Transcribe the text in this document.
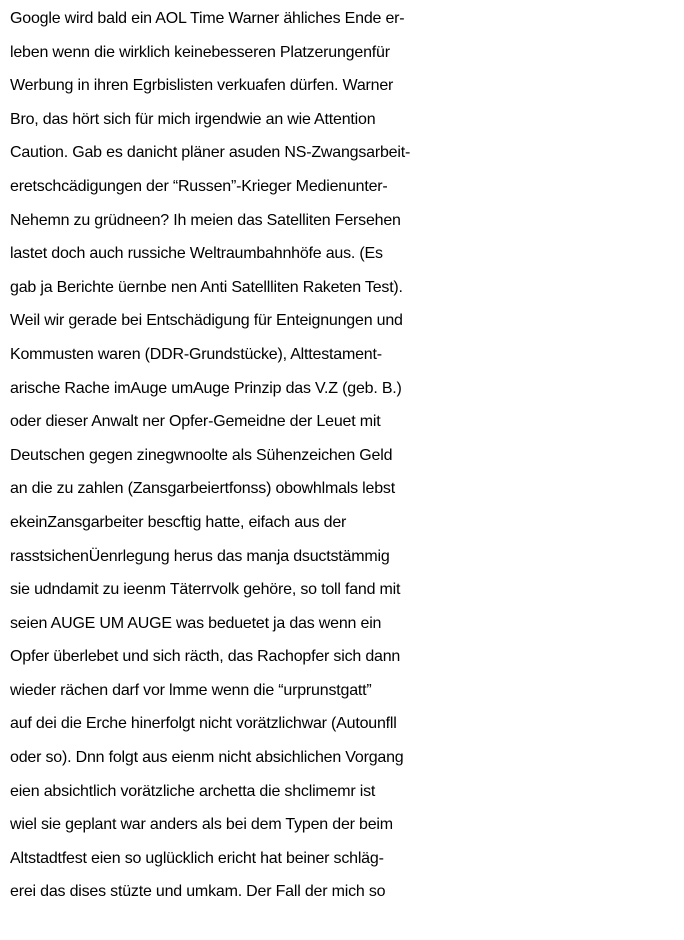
Google wird bald ein AOL Time Warner ähliches Ende er-
leben wenn die wirklich keinebesseren Platzerungenfür
Werbung in ihren Egrbislisten verkuafen dürfen. Warner
Bro, das hört sich für mich irgendwie an wie Attention
Caution. Gab es danicht pläner asuden NS-Zwangsarbeit-
eretschcädigungen der “Russen”-Krieger Medienunter-
Nehemn zu grüdneen? Ih meien das Satelliten Fersehen
lastet doch auch russiche Weltraumbahnhöfe aus. (Es
gab ja Berichte üernbe nen Anti Satellliten Raketen Test).
Weil wir gerade bei Entschädigung für Enteignungen und
Kommusten waren (DDR-Grundstücke), Alttestament-
arische Rache imAuge umAuge Prinzip das V.Z (geb. B.)
oder dieser Anwalt ner Opfer-Gemeidne der Leuet mit
Deutschen gegen zinegwnoolte als Sühenzeichen Geld
an die zu zahlen (Zansgarbeiertfonss) obowhlmals lebst
ekeinZansgarbeiter bescftig hatte, eifach aus der
rasstsichenÜenrlegung herus das manja dsuctstämmig
sie udndamit zu ieenm Täterrvolk gehöre, so toll fand mit
seien AUGE UM AUGE was beduetet ja das wenn ein
Opfer überlebet und sich räcth, das Rachopfer sich dann
wieder rächen darf vor lmme wenn die “urprunstgatt”
auf dei die Erche hinerfolgt nicht vorätzlichwar (Autounfll
oder so). Dnn folgt aus eienm nicht absichlichen Vorgang
eien absichtlich vorätzliche archetta die shclimemr ist
wiel sie geplant war anders als bei dem Typen der beim
Altstadtfest eien so uglücklich ericht hat beiner schläg-
erei das dises stüzte und umkam. Der Fall der mich so
